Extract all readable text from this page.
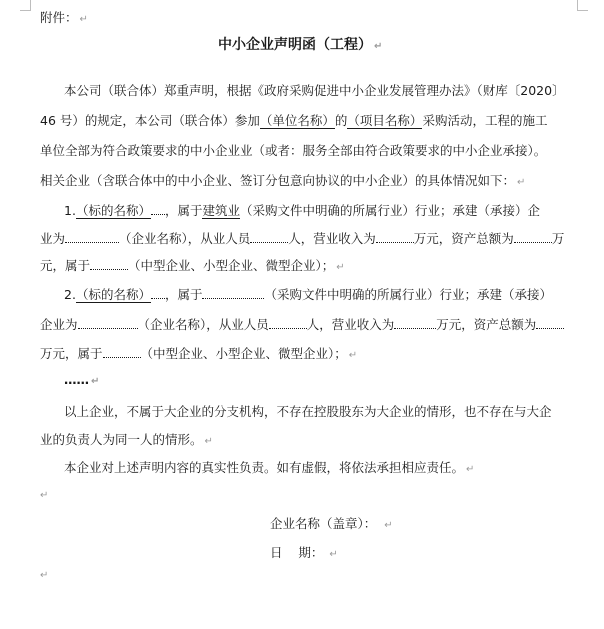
附件： ↵
中小企业声明函（工程） ↵
本公司（联合体）郑重声明，根据《政府采购促进中小企业发展管理办法》（财库〔2020〕
46 号）的规定，本公司（联合体）参加（单位名称）的（项目名称）采购活动，工程的施工
单位全部为符合政策要求的中小企业业（或者：服务全部由符合政策要求的中小企业承接）。
相关企业（含联合体中的中小企业、签订分包意向协议的中小企业）的具体情况如下： ↵
1.（标的名称） ，属于建筑业（采购文件中明确的所属行业）行业；承建（承接）企
业为	（企业名称），从业人员	人，营业收入为	万元，资产总额为	万
元，属于	（中型企业、小型企业、微型企业）； ↵
2.（标的名称） ，属于	（采购文件中明确的所属行业）行业；承建（承接）
企业为	（企业名称），从业人员	人，营业收入为	万元，资产总额为
万元，属于	（中型企业、小型企业、微型企业）； ↵
…… ↵
以上企业，不属于大企业的分支机构，不存在控股股东为大企业的情形，也不存在与大企
业的负责人为同一人的情形。 ↵
本企业对上述声明内容的真实性负责。如有虚假，将依法承担相应责任。 ↵
↵
企业名称（盖章）： ↵
日    期： ↵
↵
